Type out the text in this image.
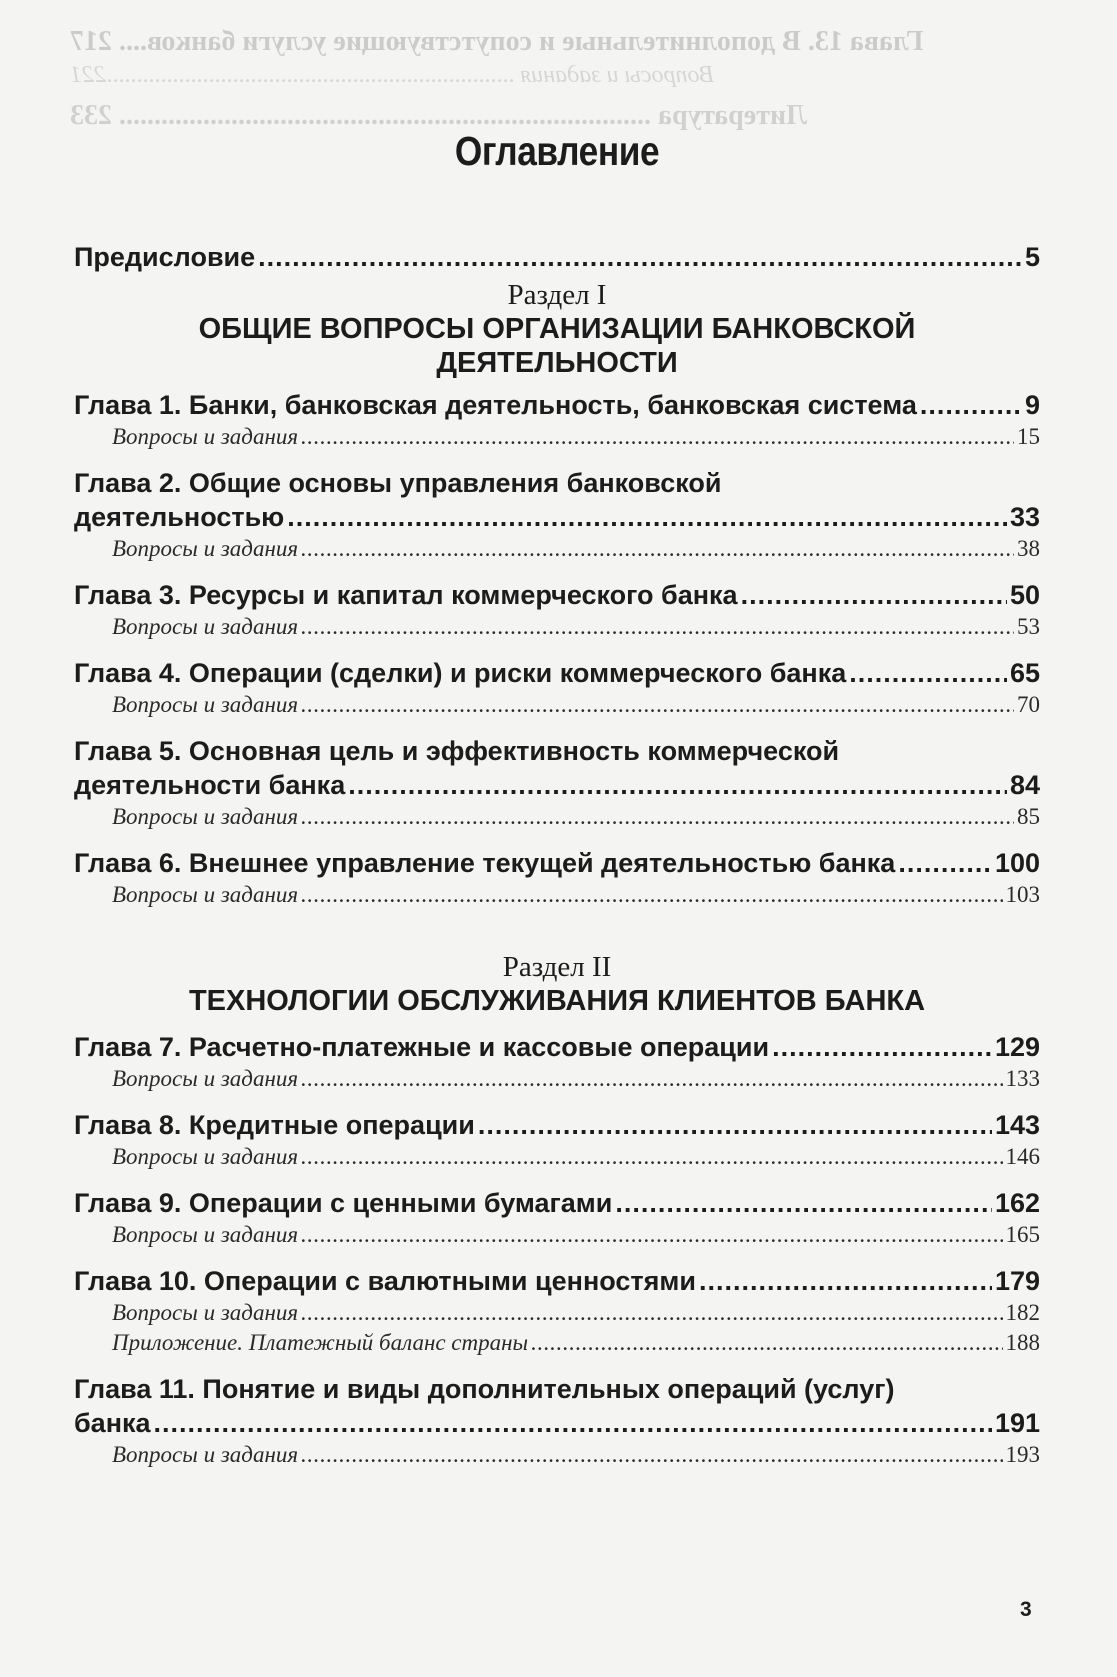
Глава 13. В дополнительные и сопутствующие услуги банков.... 217
Вопросы и задания ....................................................................221
Литература ............................................................................ 233
Оглавление
Предисловие .....	5
Раздел I
ОБЩИЕ ВОПРОСЫ ОРГАНИЗАЦИИ БАНКОВСКОЙ
ДЕЯТЕЛЬНОСТИ
Глава 1. Банки, банковская деятельность, банковская система .....	9
Вопросы и задания .....	15
Глава 2. Общие основы управления банковской
деятельностью .....	33
Вопросы и задания .....	38
Глава 3. Ресурсы и капитал коммерческого банка .....	50
Вопросы и задания .....	53
Глава 4. Операции (сделки) и риски коммерческого банка .....	65
Вопросы и задания .....	70
Глава 5. Основная цель и эффективность коммерческой
деятельности банка .....	84
Вопросы и задания .....	85
Глава 6. Внешнее управление текущей деятельностью банка .....	100
Вопросы и задания .....	103
Раздел II
ТЕХНОЛОГИИ ОБСЛУЖИВАНИЯ КЛИЕНТОВ БАНКА
Глава 7. Расчетно-платежные и кассовые операции .....	129
Вопросы и задания .....	133
Глава 8. Кредитные операции .....	143
Вопросы и задания .....	146
Глава 9. Операции с ценными бумагами .....	162
Вопросы и задания .....	165
Глава 10. Операции с валютными ценностями .....	179
Вопросы и задания .....	182
Приложение. Платежный баланс страны .....	188
Глава 11. Понятие и виды дополнительных операций (услуг)
банка .....	191
Вопросы и задания .....	193
3
